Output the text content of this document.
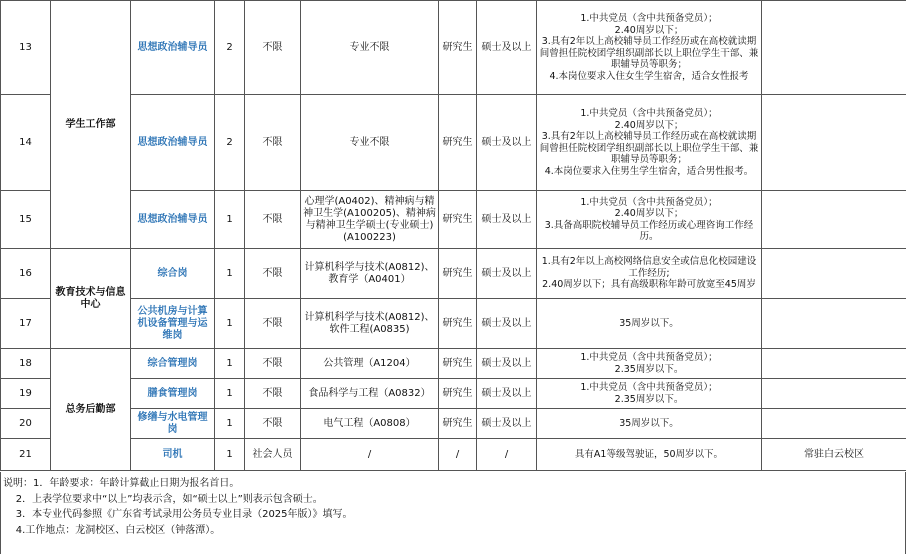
13	学生工作部	思想政治辅导员	2	不限	专业不限	研究生	硕士及以上	1.中共党员（含中共预备党员）；
2.40周岁以下；
3.具有2年以上高校辅导员工作经历或在高校就读期间曾担任院校团学组织副部长以上职位学生干部、兼职辅导员等职务；
4.本岗位要求入住女生学生宿舍，适合女性报考	
14		思想政治辅导员	2	不限	专业不限	研究生	硕士及以上	1.中共党员（含中共预备党员）；
2.40周岁以下；
3.具有2年以上高校辅导员工作经历或在高校就读期间曾担任院校团学组织副部长以上职位学生干部、兼职辅导员等职务；
4.本岗位要求入住男生学生宿舍，适合男性报考。	
15		思想政治辅导员	1	不限	心理学(A0402)、精神病与精神卫生学(A100205)、精神病与精神卫生学硕士(专业硕士)(A100223)	研究生	硕士及以上	1.中共党员（含中共预备党员）；
2.40周岁以下；
3.具备高职院校辅导员工作经历或心理咨询工作经历。	
16	教育技术与信息中心	综合岗	1	不限	计算机科学与技术(A0812)、教育学（A0401）	研究生	硕士及以上	1.具有2年以上高校网络信息安全或信息化校园建设工作经历;
2.40周岁以下；具有高级职称年龄可放宽至45周岁	
17		公共机房与计算机设备管理与运维岗	1	不限	计算机科学与技术(A0812)、软件工程(A0835)	研究生	硕士及以上	35周岁以下。	
18	总务后勤部	综合管理岗	1	不限	公共管理（A1204）	研究生	硕士及以上	1.中共党员（含中共预备党员）；
2.35周岁以下。	
19		膳食管理岗	1	不限	食品科学与工程（A0832）	研究生	硕士及以上	1.中共党员（含中共预备党员）；
2.35周岁以下。	
20		修缮与水电管理岗	1	不限	电气工程（A0808）	研究生	硕士及以上	35周岁以下。	
21		司机	1	社会人员	/	/	/	具有A1等级驾驶证，50周岁以下。	常驻白云校区
说明：1．年龄要求：年龄计算截止日期为报名首日。
2．上表学位要求中“以上”均表示含，如“硕士以上”则表示包含硕士。
3．本专业代码参照《广东省考试录用公务员专业目录（2025年版）》填写。
4.工作地点：龙洞校区、白云校区（钟落潭）。
